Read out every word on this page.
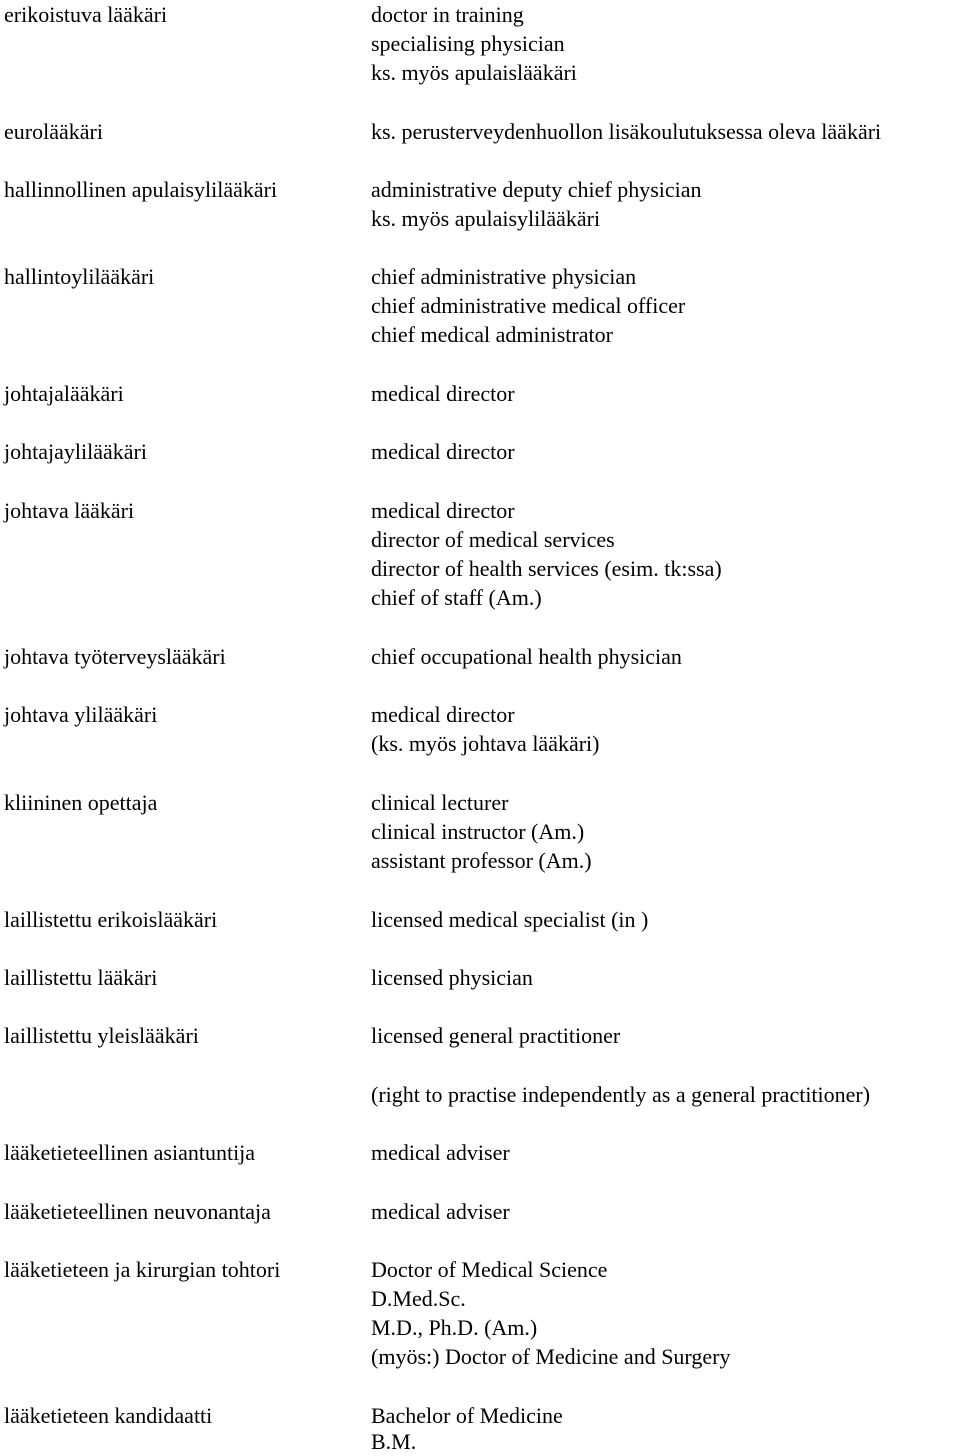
erikoistuva lääkäri	doctor in training
specialising physician
ks. myös apulaislääkäri
eurolääkäri	ks. perusterveydenhuollon lisäkoulutuksessa oleva lääkäri
hallinnollinen apulaisylilääkäri	administrative deputy chief physician
ks. myös apulaisylilääkäri
hallintoylilääkäri	chief administrative physician
chief administrative medical officer
chief medical administrator
johtajalääkäri	medical director
johtajaylilääkäri	medical director
johtava lääkäri	medical director
director of medical services
director of health services (esim. tk:ssa)
chief of staff (Am.)
johtava työterveyslääkäri	chief occupational health physician
johtava ylilääkäri	medical director
(ks. myös johtava lääkäri)
kliininen opettaja	clinical lecturer
clinical instructor (Am.)
assistant professor (Am.)
laillistettu erikoislääkäri	licensed medical specialist (in )
laillistettu lääkäri	licensed physician
laillistettu yleislääkäri	licensed general practitioner
(right to practise independently as a general practitioner)
lääketieteellinen asiantuntija	medical adviser
lääketieteellinen neuvonantaja	medical adviser
lääketieteen ja kirurgian tohtori	Doctor of Medical Science
D.Med.Sc.
M.D., Ph.D. (Am.)
(myös:) Doctor of Medicine and Surgery
lääketieteen kandidaatti	Bachelor of Medicine
B.M.
